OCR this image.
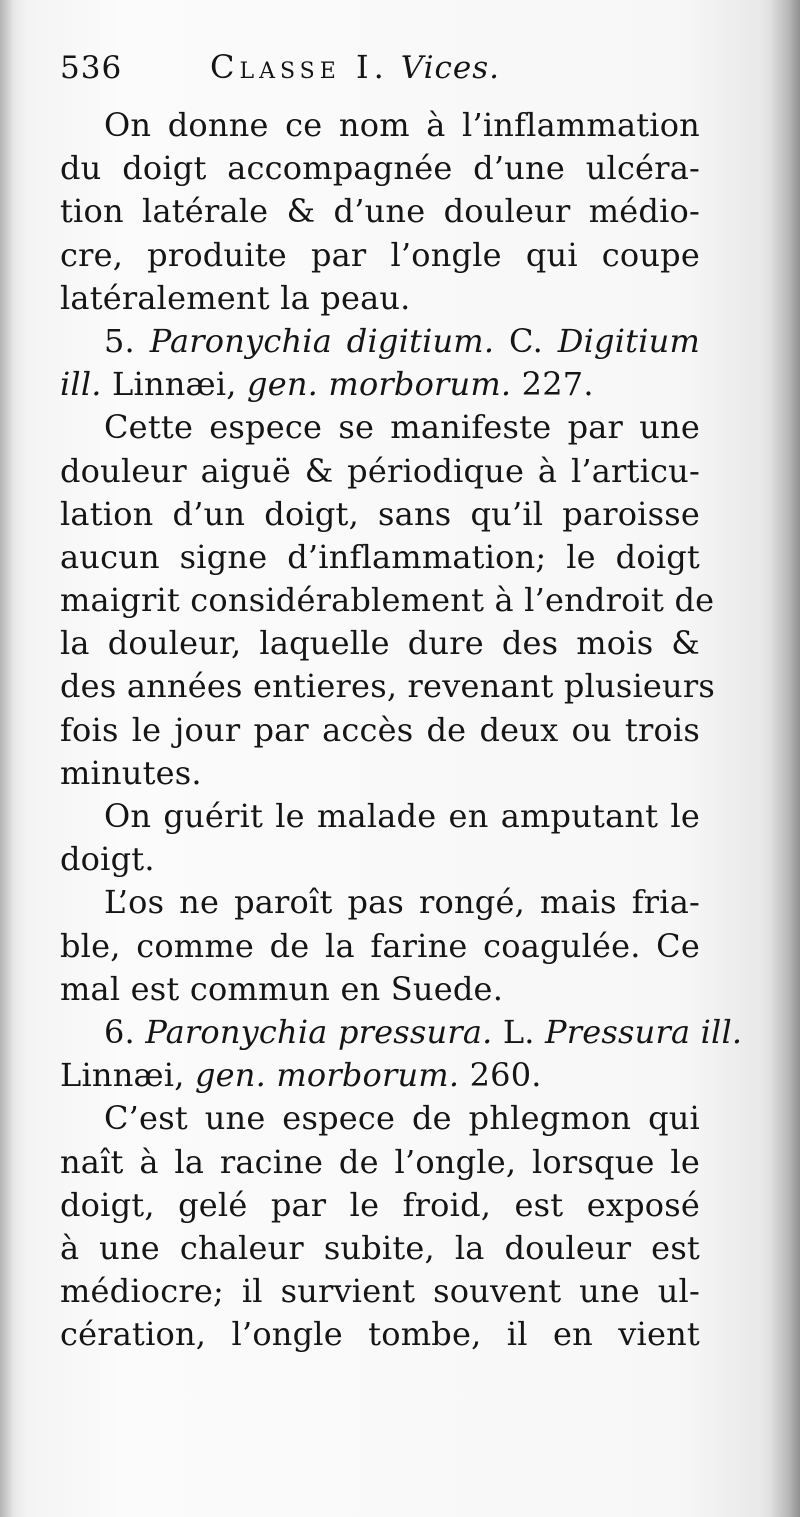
536	Classe I. Vices.
On donne ce nom à l’inflammation
du doigt accompagnée d’une ulcéra-
tion latérale & d’une douleur médio-
cre, produite par l’ongle qui coupe
latéralement la peau.
5. Paronychia digitium. C. Digitium
ill. Linnæi, gen. morborum. 227.
Cette espece se manifeste par une
douleur aiguë & périodique à l’articu-
lation d’un doigt, sans qu’il paroisse
aucun signe d’inflammation; le doigt
maigrit considérablement à l’endroit de
la douleur, laquelle dure des mois &
des années entieres, revenant plusieurs
fois le jour par accès de deux ou trois
minutes.
On guérit le malade en amputant le
doigt.
L’os ne paroît pas rongé, mais fria-
ble, comme de la farine coagulée. Ce
mal est commun en Suede.
6. Paronychia pressura. L. Pressura ill.
Linnæi, gen. morborum. 260.
C’est une espece de phlegmon qui
naît à la racine de l’ongle, lorsque le
doigt, gelé par le froid, est exposé
à une chaleur subite, la douleur est
médiocre; il survient souvent une ul-
cération, l’ongle tombe, il en vient
